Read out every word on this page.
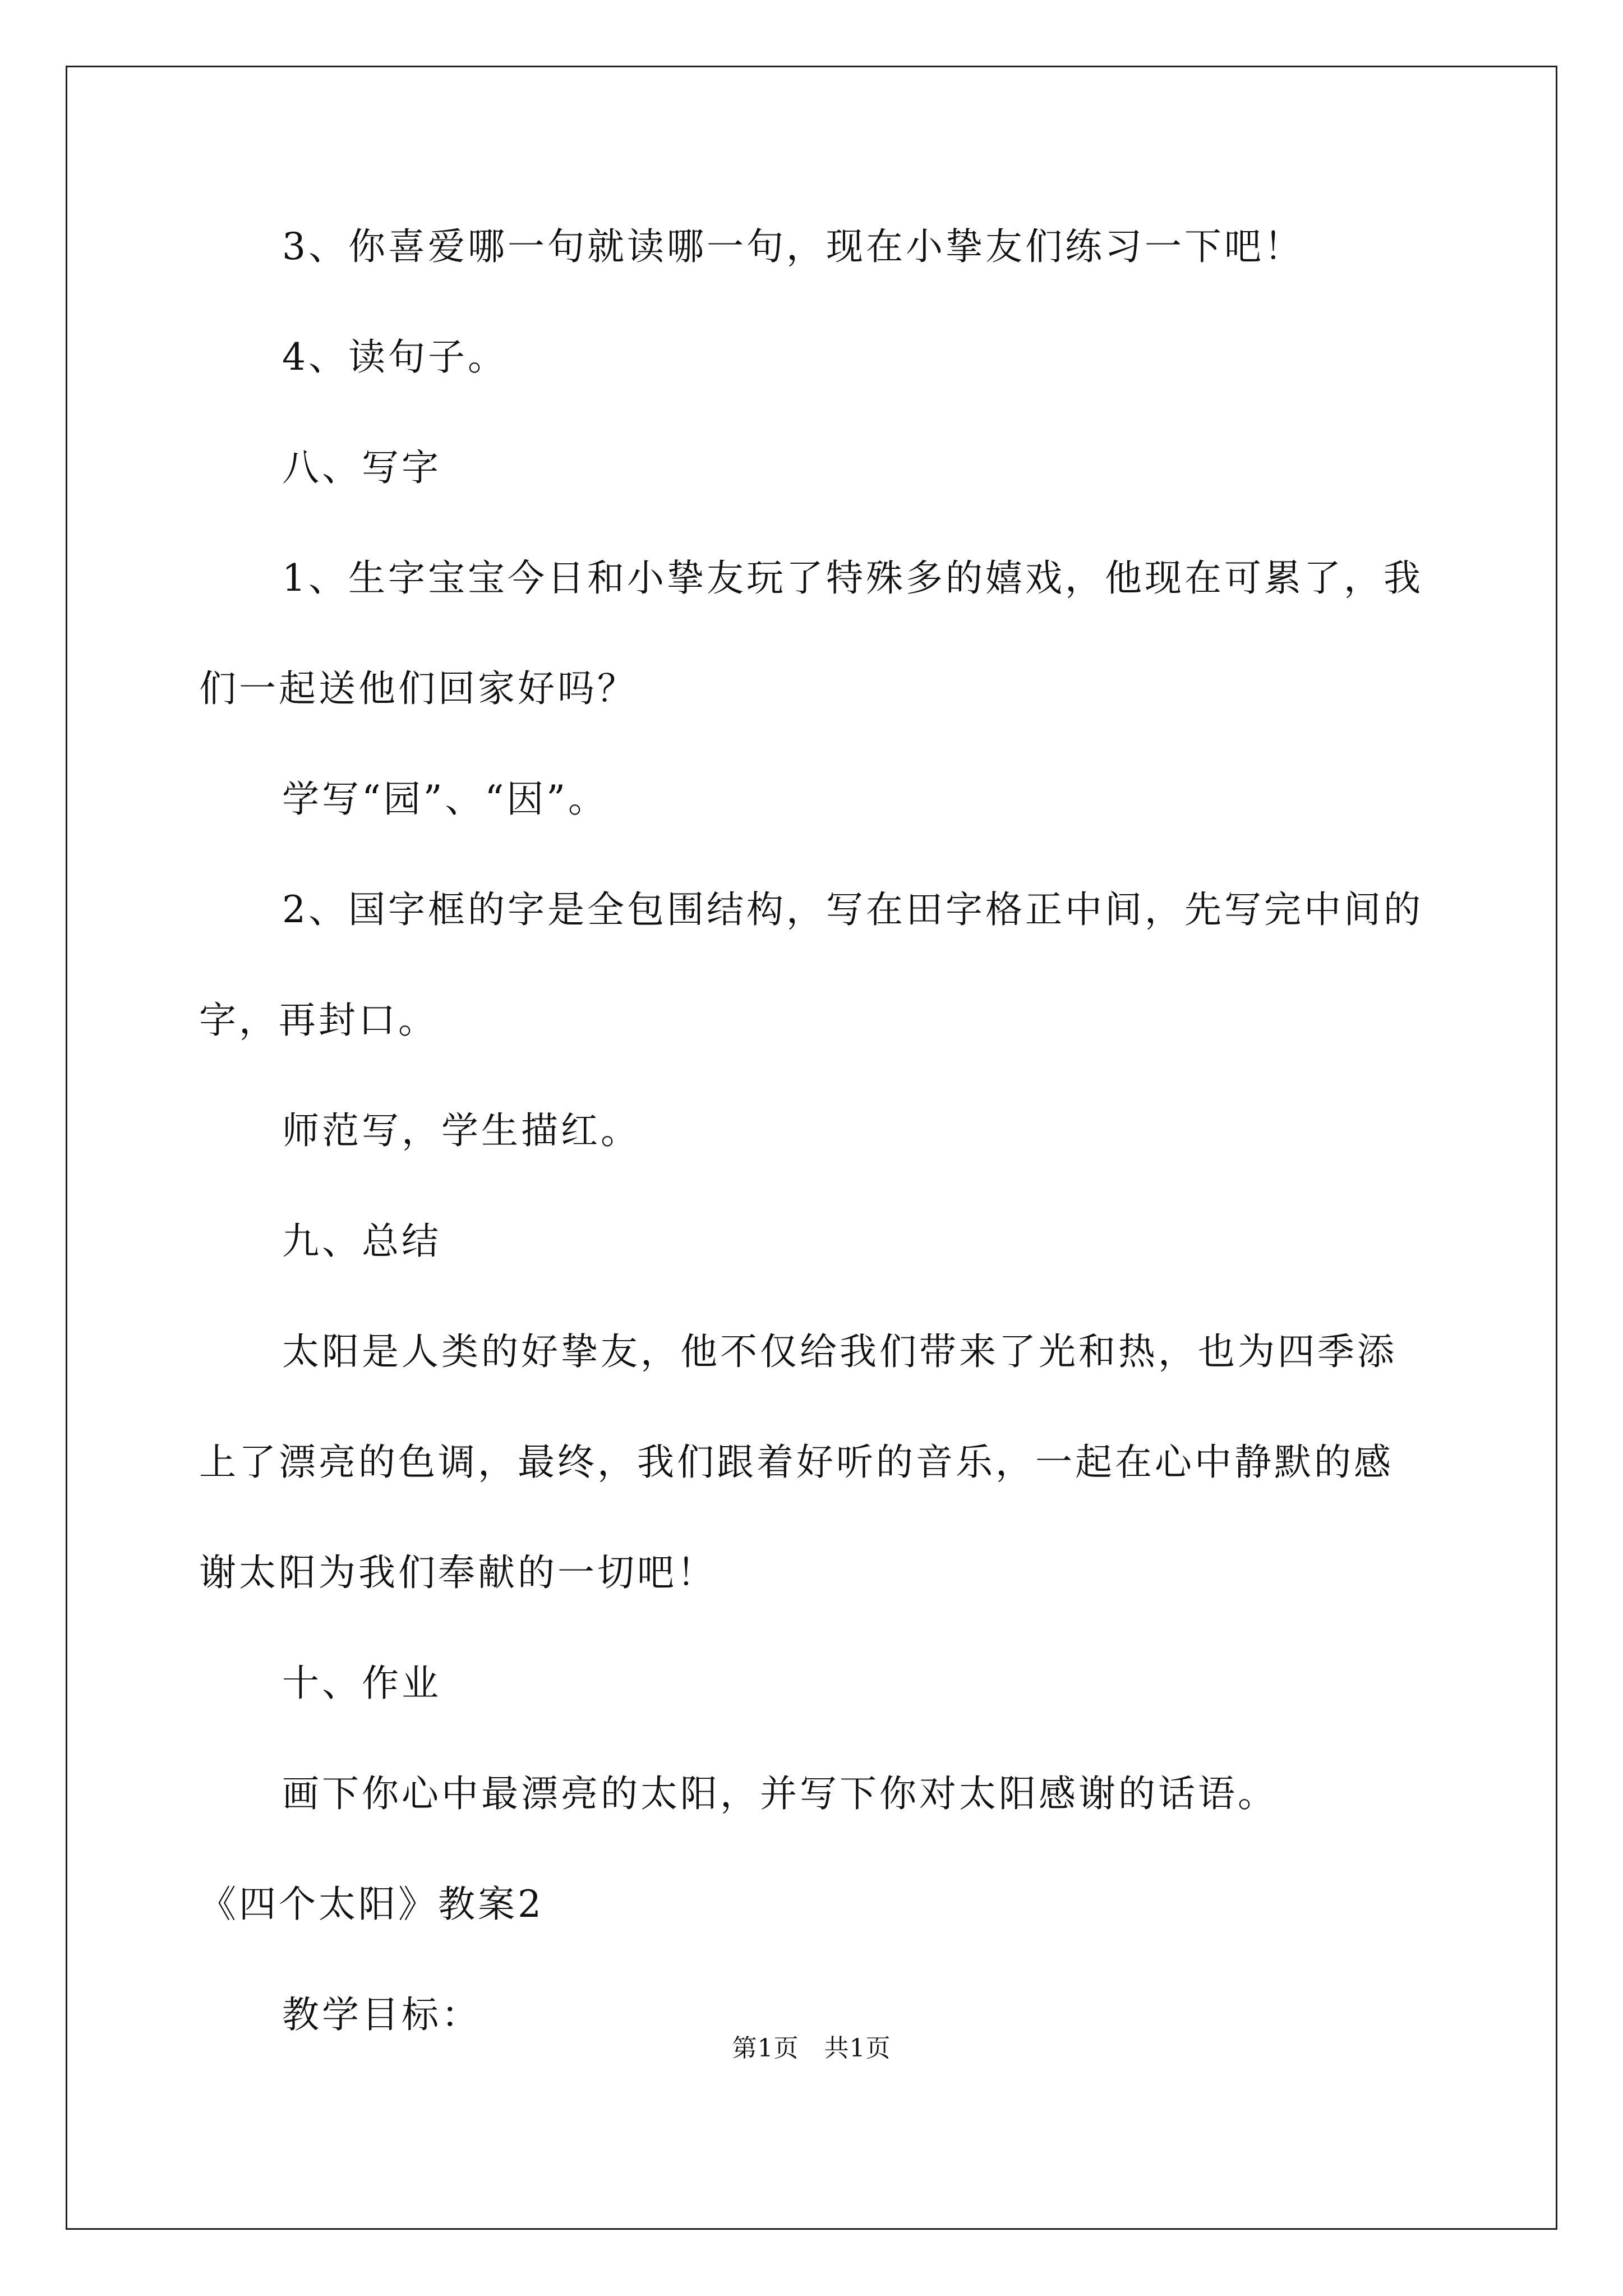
3、你喜爱哪一句就读哪一句，现在小挚友们练习一下吧！
4、读句子。
八、写字
1、生字宝宝今日和小挚友玩了特殊多的嬉戏，他现在可累了，我
们一起送他们回家好吗？
学写“园”、“因”。
2、国字框的字是全包围结构，写在田字格正中间，先写完中间的
字，再封口。
师范写，学生描红。
九、总结
太阳是人类的好挚友，他不仅给我们带来了光和热，也为四季添
上了漂亮的色调，最终，我们跟着好听的音乐，一起在心中静默的感
谢太阳为我们奉献的一切吧！
十、作业
画下你心中最漂亮的太阳，并写下你对太阳感谢的话语。
《四个太阳》教案2
教学目标：
第1页　共1页
